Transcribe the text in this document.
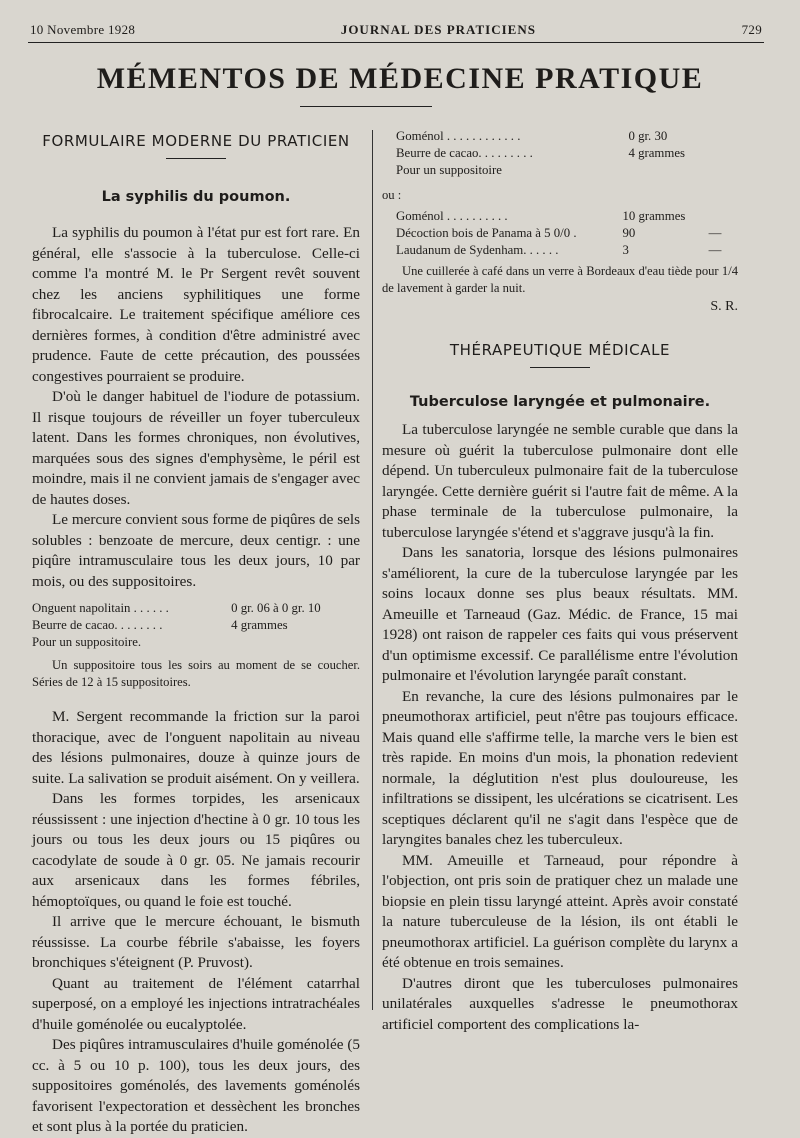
10 Novembre 1928	JOURNAL DES PRATICIENS	729
MÉMENTOS DE MÉDECINE PRATIQUE

FORMULAIRE MODERNE DU PRATICIEN

La syphilis du poumon.

La syphilis du poumon à l'état pur est fort rare. En général, elle s'associe à la tuberculose. Celle-ci comme l'a montré M. le Pr Sergent revêt souvent chez les anciens syphilitiques une forme fibrocalcaire. Le traitement spécifique améliore ces dernières formes, à condition d'être administré avec prudence. Faute de cette précaution, des poussées congestives pourraient se produire.

D'où le danger habituel de l'iodure de potassium. Il risque toujours de réveiller un foyer tuberculeux latent. Dans les formes chroniques, non évolutives, marquées sous des signes d'emphysème, le péril est moindre, mais il ne convient jamais de s'engager avec de hautes doses.

Le mercure convient sous forme de piqûres de sels solubles : benzoate de mercure, deux centigr. : une piqûre intramusculaire tous les deux jours, 10 par mois, ou des suppositoires.

Onguent napolitain . . . . . .	0 gr. 06 à 0 gr. 10
Beurre de cacao. . . . . . . .	4 grammes
Pour un suppositoire.	

Un suppositoire tous les soirs au moment de se coucher. Séries de 12 à 15 suppositoires.

M. Sergent recommande la friction sur la paroi thoracique, avec de l'onguent napolitain au niveau des lésions pulmonaires, douze à quinze jours de suite. La salivation se produit aisément. On y veillera.

Dans les formes torpides, les arsenicaux réussissent : une injection d'hectine à 0 gr. 10 tous les jours ou tous les deux jours ou 15 piqûres ou cacodylate de soude à 0 gr. 05. Ne jamais recourir aux arsenicaux dans les formes fébriles, hémoptoïques, ou quand le foie est touché.

Il arrive que le mercure échouant, le bismuth réussisse. La courbe fébrile s'abaisse, les foyers bronchiques s'éteignent (P. Pruvost).

Quant au traitement de l'élément catarrhal superposé, on a employé les injections intratrachéales d'huile goménolée ou eucalyptolée.

Des piqûres intramusculaires d'huile goménolée (5 cc. à 5 ou 10 p. 100), tous les deux jours, des suppositoires goménolés, des lavements goménolés favorisent l'expectoration et dessèchent les bronches et sont plus à la portée du praticien.

Goménol . . . . . . . . . . . .	0 gr. 30
Beurre de cacao. . . . . . . . .	4 grammes
Pour un suppositoire	

ou :

Goménol . . . . . . . . . .	10 grammes	
Décoction bois de Panama à 5 0/0 .	90	—
Laudanum de Sydenham. . . . . .	3	—

Une cuillerée à café dans un verre à Bordeaux d'eau tiède pour 1/4 de lavement à garder la nuit.

S. R.

THÉRAPEUTIQUE MÉDICALE

Tuberculose laryngée et pulmonaire.

La tuberculose laryngée ne semble curable que dans la mesure où guérit la tuberculose pulmonaire dont elle dépend. Un tuberculeux pulmonaire fait de la tuberculose laryngée. Cette dernière guérit si l'autre fait de même. A la phase terminale de la tuberculose pulmonaire, la tuberculose laryngée s'étend et s'aggrave jusqu'à la fin.

Dans les sanatoria, lorsque des lésions pulmonaires s'améliorent, la cure de la tuberculose laryngée par les soins locaux donne ses plus beaux résultats. MM. Ameuille et Tarneaud (Gaz. Médic. de France, 15 mai 1928) ont raison de rappeler ces faits qui vous préservent d'un optimisme excessif. Ce parallélisme entre l'évolution pulmonaire et l'évolution laryngée paraît constant.

En revanche, la cure des lésions pulmonaires par le pneumothorax artificiel, peut n'être pas toujours efficace. Mais quand elle s'affirme telle, la marche vers le bien est très rapide. En moins d'un mois, la phonation redevient normale, la déglutition n'est plus douloureuse, les infiltrations se dissipent, les ulcérations se cicatrisent. Les sceptiques déclarent qu'il ne s'agit dans l'espèce que de laryngites banales chez les tuberculeux.

MM. Ameuille et Tarneaud, pour répondre à l'objection, ont pris soin de pratiquer chez un malade une biopsie en plein tissu laryngé atteint. Après avoir constaté la nature tuberculeuse de la lésion, ils ont établi le pneumothorax artificiel. La guérison complète du larynx a été obtenue en trois semaines.

D'autres diront que les tuberculoses pulmonaires unilatérales auxquelles s'adresse le pneumothorax artificiel comportent des complications la-
